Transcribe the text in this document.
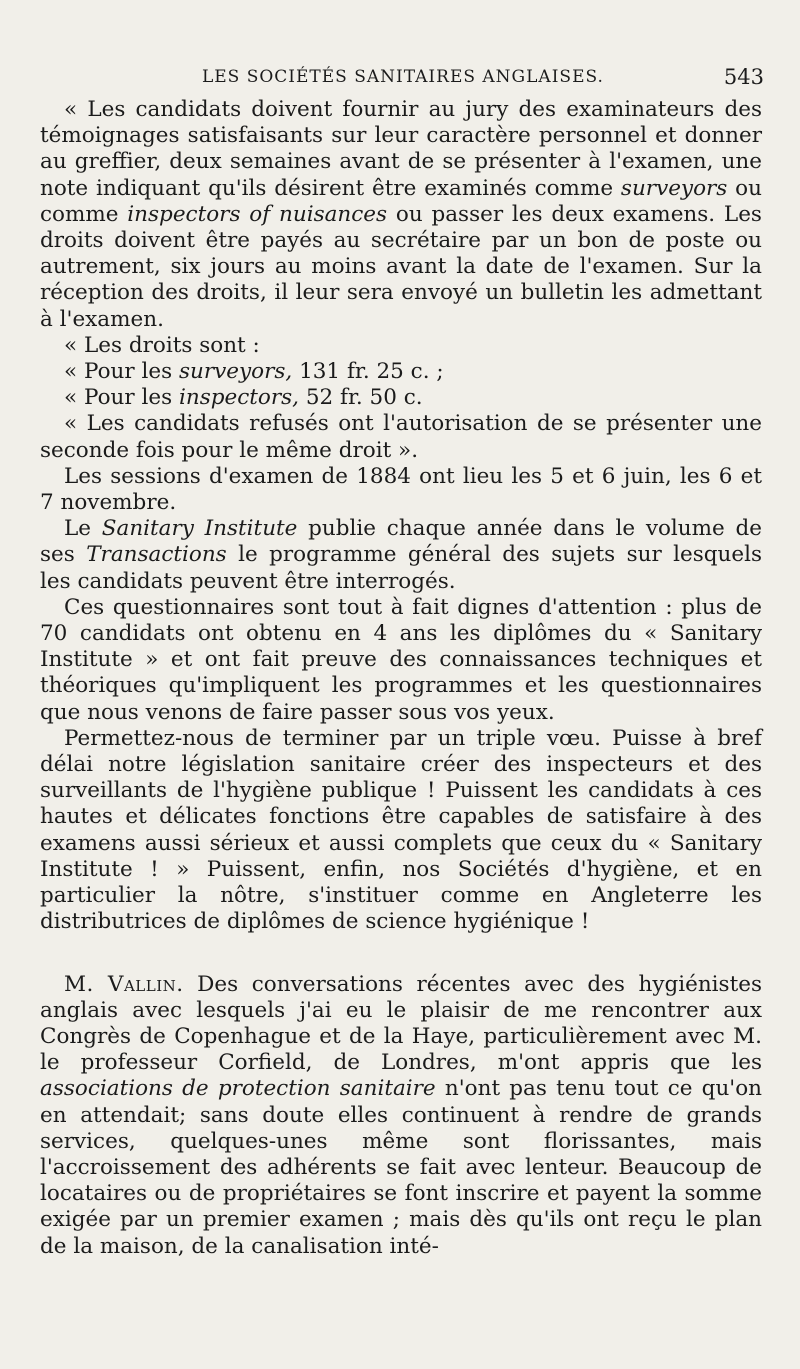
LES SOCIÉTÉS SANITAIRES ANGLAISES.	543

« Les candidats doivent fournir au jury des examinateurs des témoignages satisfaisants sur leur caractère personnel et donner au greffier, deux semaines avant de se présenter à l'examen, une note indiquant qu'ils désirent être examinés comme surveyors ou comme inspectors of nuisances ou passer les deux examens. Les droits doivent être payés au secrétaire par un bon de poste ou autrement, six jours au moins avant la date de l'examen. Sur la réception des droits, il leur sera envoyé un bulletin les admettant à l'examen.

« Les droits sont :

« Pour les surveyors, 131 fr. 25 c. ;

« Pour les inspectors, 52 fr. 50 c.

« Les candidats refusés ont l'autorisation de se présenter une seconde fois pour le même droit ».

Les sessions d'examen de 1884 ont lieu les 5 et 6 juin, les 6 et 7 novembre.

Le Sanitary Institute publie chaque année dans le volume de ses Transactions le programme général des sujets sur lesquels les candidats peuvent être interrogés.

Ces questionnaires sont tout à fait dignes d'attention : plus de 70 candidats ont obtenu en 4 ans les diplômes du « Sanitary Institute » et ont fait preuve des connaissances techniques et théoriques qu'impliquent les programmes et les questionnaires que nous venons de faire passer sous vos yeux.

Permettez-nous de terminer par un triple vœu. Puisse à bref délai notre législation sanitaire créer des inspecteurs et des surveillants de l'hygiène publique ! Puissent les candidats à ces hautes et délicates fonctions être capables de satisfaire à des examens aussi sérieux et aussi complets que ceux du « Sanitary Institute ! » Puissent, enfin, nos Sociétés d'hygiène, et en particulier la nôtre, s'instituer comme en Angleterre les distributrices de diplômes de science hygiénique !

M. Vallin. Des conversations récentes avec des hygiénistes anglais avec lesquels j'ai eu le plaisir de me rencontrer aux Congrès de Copenhague et de la Haye, particulièrement avec M. le professeur Corfield, de Londres, m'ont appris que les associations de protection sanitaire n'ont pas tenu tout ce qu'on en attendait; sans doute elles continuent à rendre de grands services, quelques-unes même sont florissantes, mais l'accroissement des adhérents se fait avec lenteur. Beaucoup de locataires ou de propriétaires se font inscrire et payent la somme exigée par un premier examen ; mais dès qu'ils ont reçu le plan de la maison, de la canalisation inté-
